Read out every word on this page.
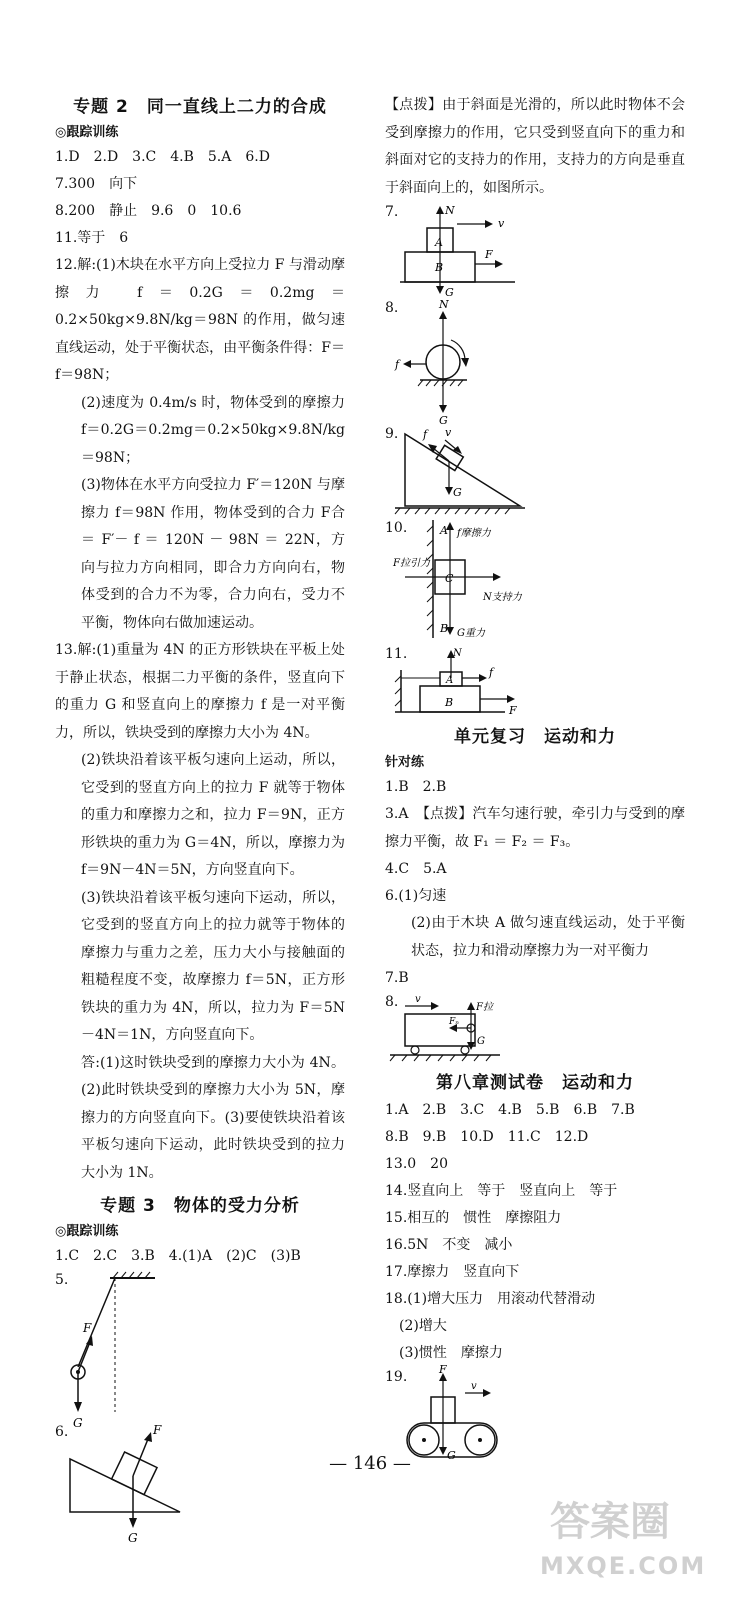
专题 2　同一直线上二力的合成
◎跟踪训练
1.D　2.D　3.C　4.B　5.A　6.D
7.300　向下
8.200　静止　9.6　0　10.6
11.等于　6

12.解:(1)木块在水平方向上受拉力 F 与滑动摩擦力 f＝0.2G＝0.2mg＝0.2×50kg×9.8N/kg＝98N 的作用，做匀速直线运动，处于平衡状态，由平衡条件得：F＝f＝98N；

(2)速度为 0.4m/s 时，物体受到的摩擦力 f＝0.2G＝0.2mg＝0.2×50kg×9.8N/kg＝98N；

(3)物体在水平方向受拉力 F′＝120N 与摩擦力 f＝98N 作用，物体受到的合力 F合 ＝ F′－ f ＝ 120N － 98N ＝ 22N，方向与拉力方向相同，即合力方向向右，物体受到的合力不为零，合力向右，受力不平衡，物体向右做加速运动。

13.解:(1)重量为 4N 的正方形铁块在平板上处于静止状态，根据二力平衡的条件，竖直向下的重力 G 和竖直向上的摩擦力 f 是一对平衡力，所以，铁块受到的摩擦力大小为 4N。

(2)铁块沿着该平板匀速向上运动，所以，它受到的竖直方向上的拉力 F 就等于物体的重力和摩擦力之和，拉力 F＝9N，正方形铁块的重力为 G＝4N，所以，摩擦力为 f＝9N－4N＝5N，方向竖直向下。

(3)铁块沿着该平板匀速向下运动，所以，它受到的竖直方向上的拉力就等于物体的摩擦力与重力之差，压力大小与接触面的粗糙程度不变，故摩擦力 f＝5N，正方形铁块的重力为 4N，所以，拉力为 F＝5N－4N＝1N，方向竖直向下。

答:(1)这时铁块受到的摩擦力大小为 4N。(2)此时铁块受到的摩擦力大小为 5N，摩擦力的方向竖直向下。(3)要使铁块沿着该平板匀速向下运动，此时铁块受到的拉力大小为 1N。

专题 3　物体的受力分析
◎跟踪训练
1.C　2.C　3.B　4.(1)A　(2)C　(3)B
5.
F
G
6.	F
G

【点拨】由于斜面是光滑的，所以此时物体不会受到摩擦力的作用，它只受到竖直向下的重力和斜面对它的支持力的作用，支持力的方向是垂直于斜面向上的，如图所示。

7.
A
B
N
G
v
F
8.	N
G
f
9. f v
G
10.
C
A f摩擦力
B G重力
F拉引力
N支持力
11.
A
B
N
f
F
单元复习　运动和力
针对练
1.B　2.B

3.A　【点拨】汽车匀速行驶，牵引力与受到的摩擦力平衡，故 F₁ ＝ F₂ ＝ F₃。

4.C　5.A
6.(1)匀速

(2)由于木块 A 做匀速直线运动，处于平衡状态，拉力和滑动摩擦力为一对平衡力

7.B
8. v
F拉
G
Fₙ
第八章测试卷　运动和力
1.A　2.B　3.C　4.B　5.B　6.B　7.B
8.B　9.B　10.D　11.C　12.D
13.0　20
14.竖直向上　等于　竖直向上　等于
15.相互的　惯性　摩擦阻力
16.5N　不变　减小
17.摩擦力　竖直向下
18.(1)增大压力　用滚动代替滑动
　(2)增大
　(3)惯性　摩擦力
19.	F
G
v
— 146 —
答案圈
MXQE.COM
